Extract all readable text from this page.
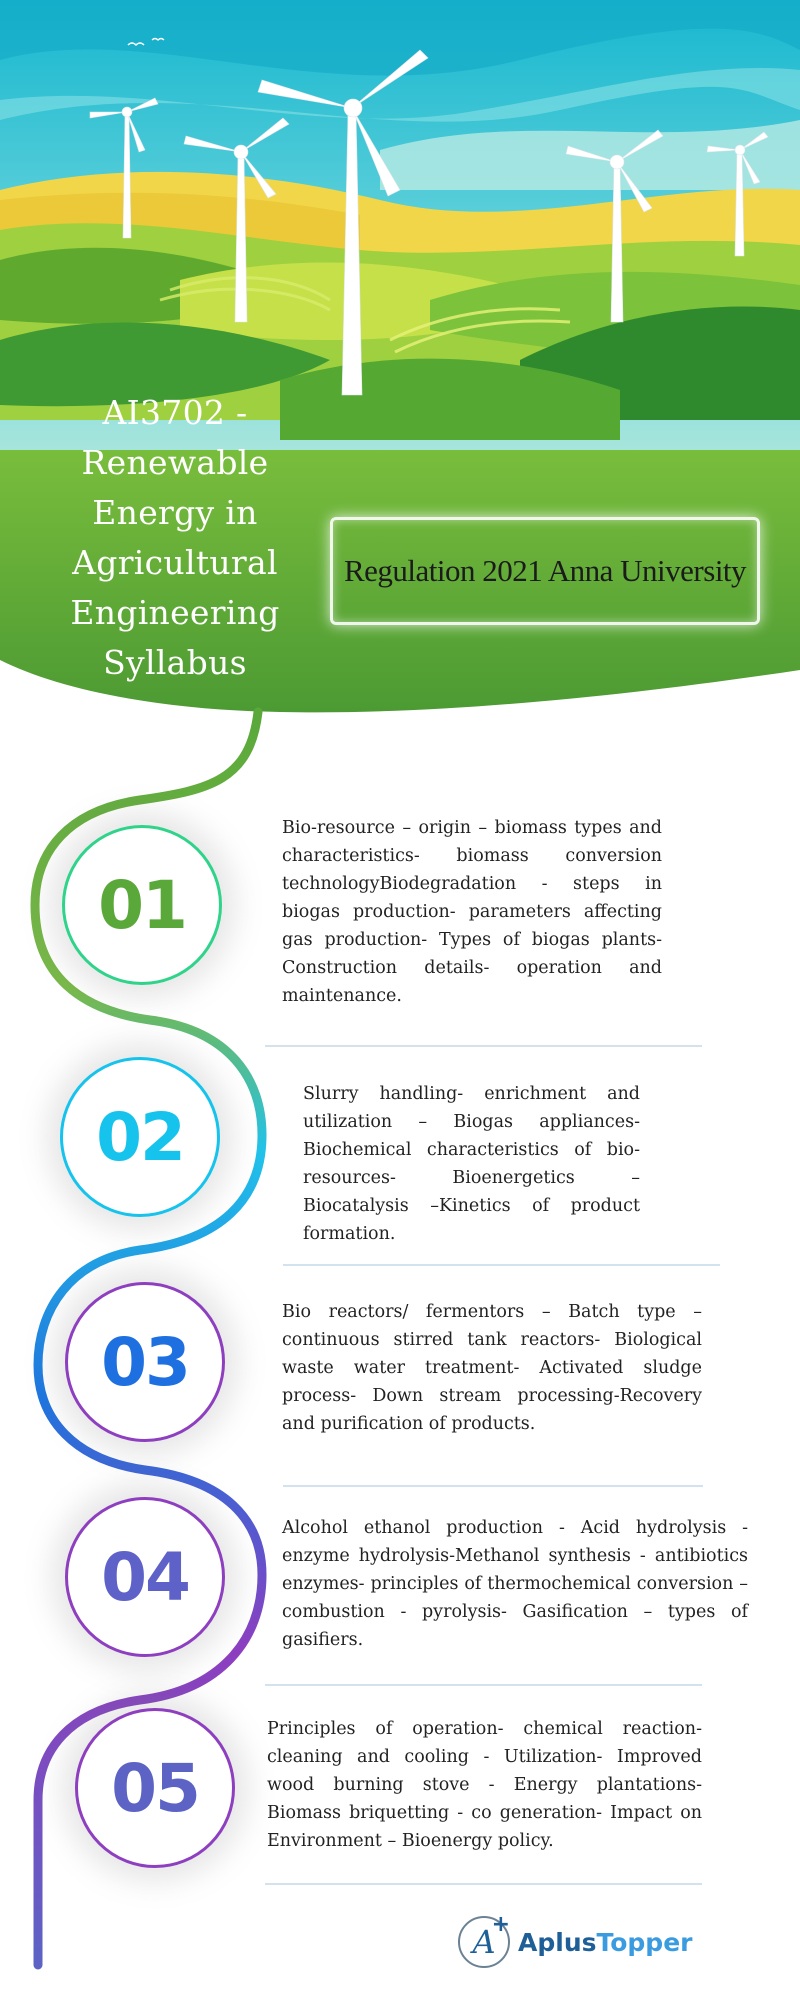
AI3702 -
Renewable
Energy in
Agricultural
Engineering
Syllabus
Regulation 2021 Anna University
01
Bio-resource – origin – biomass types and characteristics- biomass conversion technologyBiodegradation - steps in biogas production- parameters affecting gas production- Types of biogas plants- Construction details- operation and maintenance.
02
Slurry handling- enrichment and utilization – Biogas appliances- Biochemical characteristics of bio-resources- Bioenergetics – Biocatalysis –Kinetics of product formation.
03
Bio reactors/ fermentors – Batch type – continuous stirred tank reactors- Biological waste water treatment- Activated sludge process- Down stream processing-Recovery and purification of products.
04
Alcohol ethanol production - Acid hydrolysis - enzyme hydrolysis-Methanol synthesis - antibiotics enzymes- principles of thermochemical conversion – combustion - pyrolysis- Gasification – types of gasifiers.
05
Principles of operation- chemical reaction- cleaning and cooling - Utilization- Improved wood burning stove - Energy plantations- Biomass briquetting - co generation- Impact on Environment – Bioenergy policy.
A
+
AplusTopper
